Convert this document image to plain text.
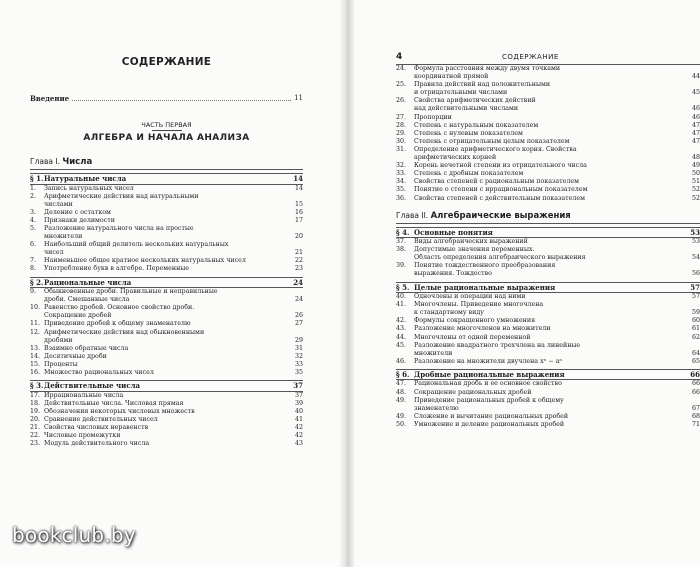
СОДЕРЖАНИЕ
Введение	11
ЧАСТЬ ПЕРВАЯ
АЛГЕБРА И НАЧАЛА АНАЛИЗА
Глава I. Числа
§ 1. Натуральные числа	14
1.	Запись натуральных чисел	14
2.	Арифметические действия над натуральными
числами	15
3.	Деление с остатком	16
4.	Признаки делимости	17
5.	Разложение натурального числа на простые
множители	20
6.	Наибольший общий делитель нескольких натуральных
чисел	21
7.	Наименьшее общее кратное нескольких натуральных чисел	22
8.	Употребление букв в алгебре. Переменные	23
§ 2. Рациональные числа	24
9.	Обыкновенные дроби. Правильные и неправильные
дроби. Смешанные числа	24
10. Равенство дробей. Основное свойство дроби.
Сокращение дробей	26
11. Приведение дробей к общему знаменателю	27
12. Арифметические действия над обыкновенными
дробями	29
13. Взаимно обратные числа	31
14. Десятичные дроби	32
15. Проценты	33
16. Множество рациональных чисел	35
§ 3. Действительные числа	37
17. Иррациональные числа	37
18. Действительные числа. Числовая прямая	39
19. Обозначения некоторых числовых множеств	40
20. Сравнение действительных чисел	41
21. Свойства числовых неравенств	42
22. Числовые промежутки	42
23. Модуль действительного числа	43
4	СОДЕРЖАНИЕ
24.	Формула расстояния между двумя точками
координатной прямой	44
25.	Правила действий над положительными
и отрицательными числами	45
26.	Свойства арифметических действий
над действительными числами	46
27.	Пропорции	46
28.	Степень с натуральным показателем	47
29.	Степень с нулевым показателем	47
30.	Степень с отрицательным целым показателем	47
31.	Определение арифметического корня. Свойства
арифметических корней	48
32.	Корень нечетной степени из отрицательного числа	49
33.	Степень с дробным показателем	50
34.	Свойства степеней с рациональным показателем	51
35.	Понятие о степени с иррациональным показателем	52
36.	Свойства степеней с действительным показателем	52
Глава II. Алгебраические выражения
§ 4. Основные понятия	53
37.	Виды алгебраических выражений	53
38.	Допустимые значения переменных.
Область определения алгебраического выражения	54
39.	Понятие тождественного преобразования
выражения. Тождество	56
§ 5. Целые рациональные выражения	57
40.	Одночлены и операции над ними	57
41.	Многочлены. Приведение многочлена
к стандартному виду	59
42.	Формулы сокращенного умножения	60
43.	Разложение многочленов на множители	61
44.	Многочлены от одной переменной	62
45.	Разложение квадратного трехчлена на линейные
множители	64
46.	Разложение на множители двучлена xⁿ − aⁿ	65
§ 6. Дробные рациональные выражения	66
47.	Рациональная дробь и ее основное свойство	66
48.	Сокращение рациональных дробей	66
49.	Приведение рациональных дробей к общему
знаменателю	67
49.	Сложение и вычитание рациональных дробей	68
50.	Умножение и деление рациональных дробей	71
bookclub.by
